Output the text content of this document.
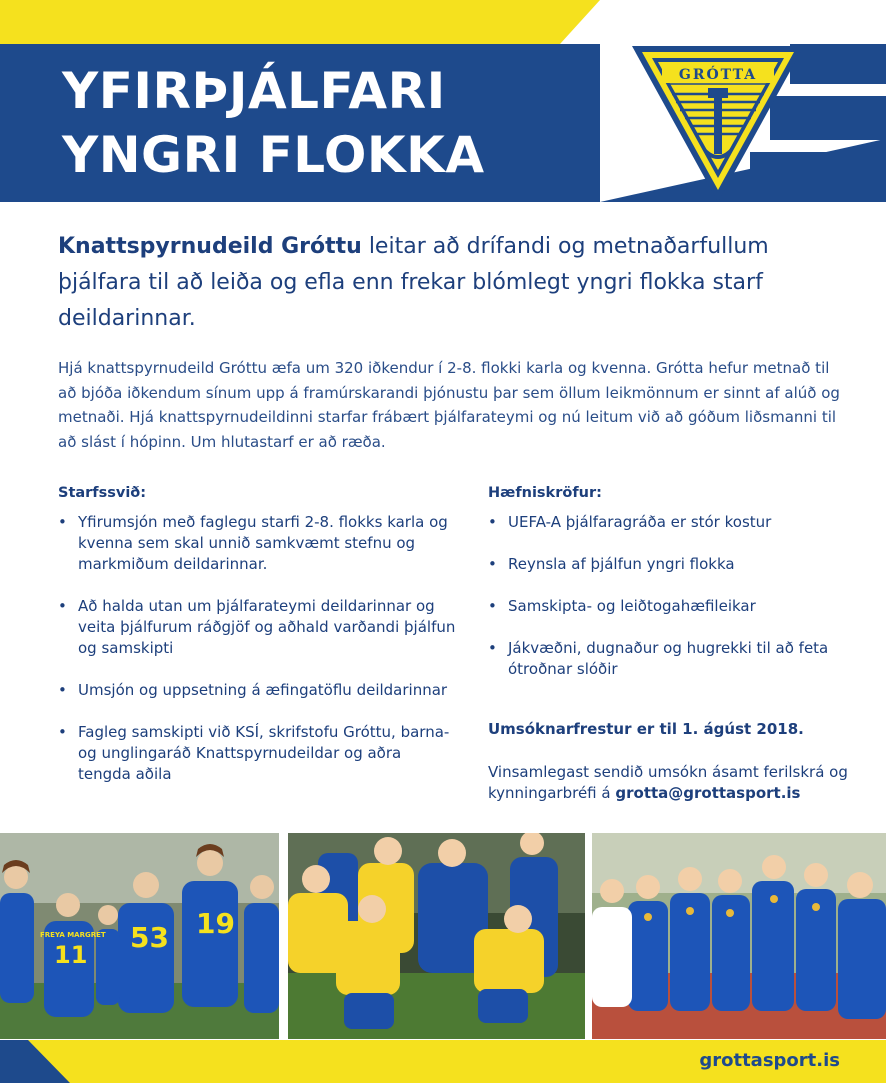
YFIRÞJÁLFARI
YNGRI FLOKKA
GRÓTTA
Knattspyrnudeild Gróttu leitar að drífandi og metnaðarfullum þjálfara til að leiða og efla enn frekar blómlegt yngri flokka starf deildarinnar.
Hjá knattspyrnudeild Gróttu æfa um 320 iðkendur í 2-8. flokki karla og kvenna. Grótta hefur metnað til að bjóða iðkendum sínum upp á framúrskarandi þjónustu þar sem öllum leikmönnum er sinnt af alúð og metnaði. Hjá knattspyrnudeildinni starfar frábært þjálfarateymi og nú leitum við að góðum liðsmanni til að slást í hópinn. Um hlutastarf er að ræða.
Starfssvið:
• Yfirumsjón með faglegu starfi 2-8. flokks karla og kvenna sem skal unnið samkvæmt stefnu og markmiðum deildarinnar.
• Að halda utan um þjálfarateymi deildarinnar og veita þjálfurum ráðgjöf og aðhald varðandi þjálfun og samskipti
• Umsjón og uppsetning á æfingatöflu deildarinnar
• Fagleg samskipti við KSÍ, skrifstofu Gróttu, barna- og unglingaráð Knattspyrnudeildar og aðra tengda aðila
Hæfniskröfur:
• UEFA-A þjálfaragráða er stór kostur
• Reynsla af þjálfun yngri flokka
• Samskipta- og leiðtogahæfileikar
• Jákvæðni, dugnaður og hugrekki til að feta ótroðnar slóðir
Umsóknarfrestur er til 1. ágúst 2018.
Vinsamlegast sendið umsókn ásamt ferilskrá og kynningarbréfi á grotta@grottasport.is
11
53 19
FREYA MARGRET
grottasport.is
